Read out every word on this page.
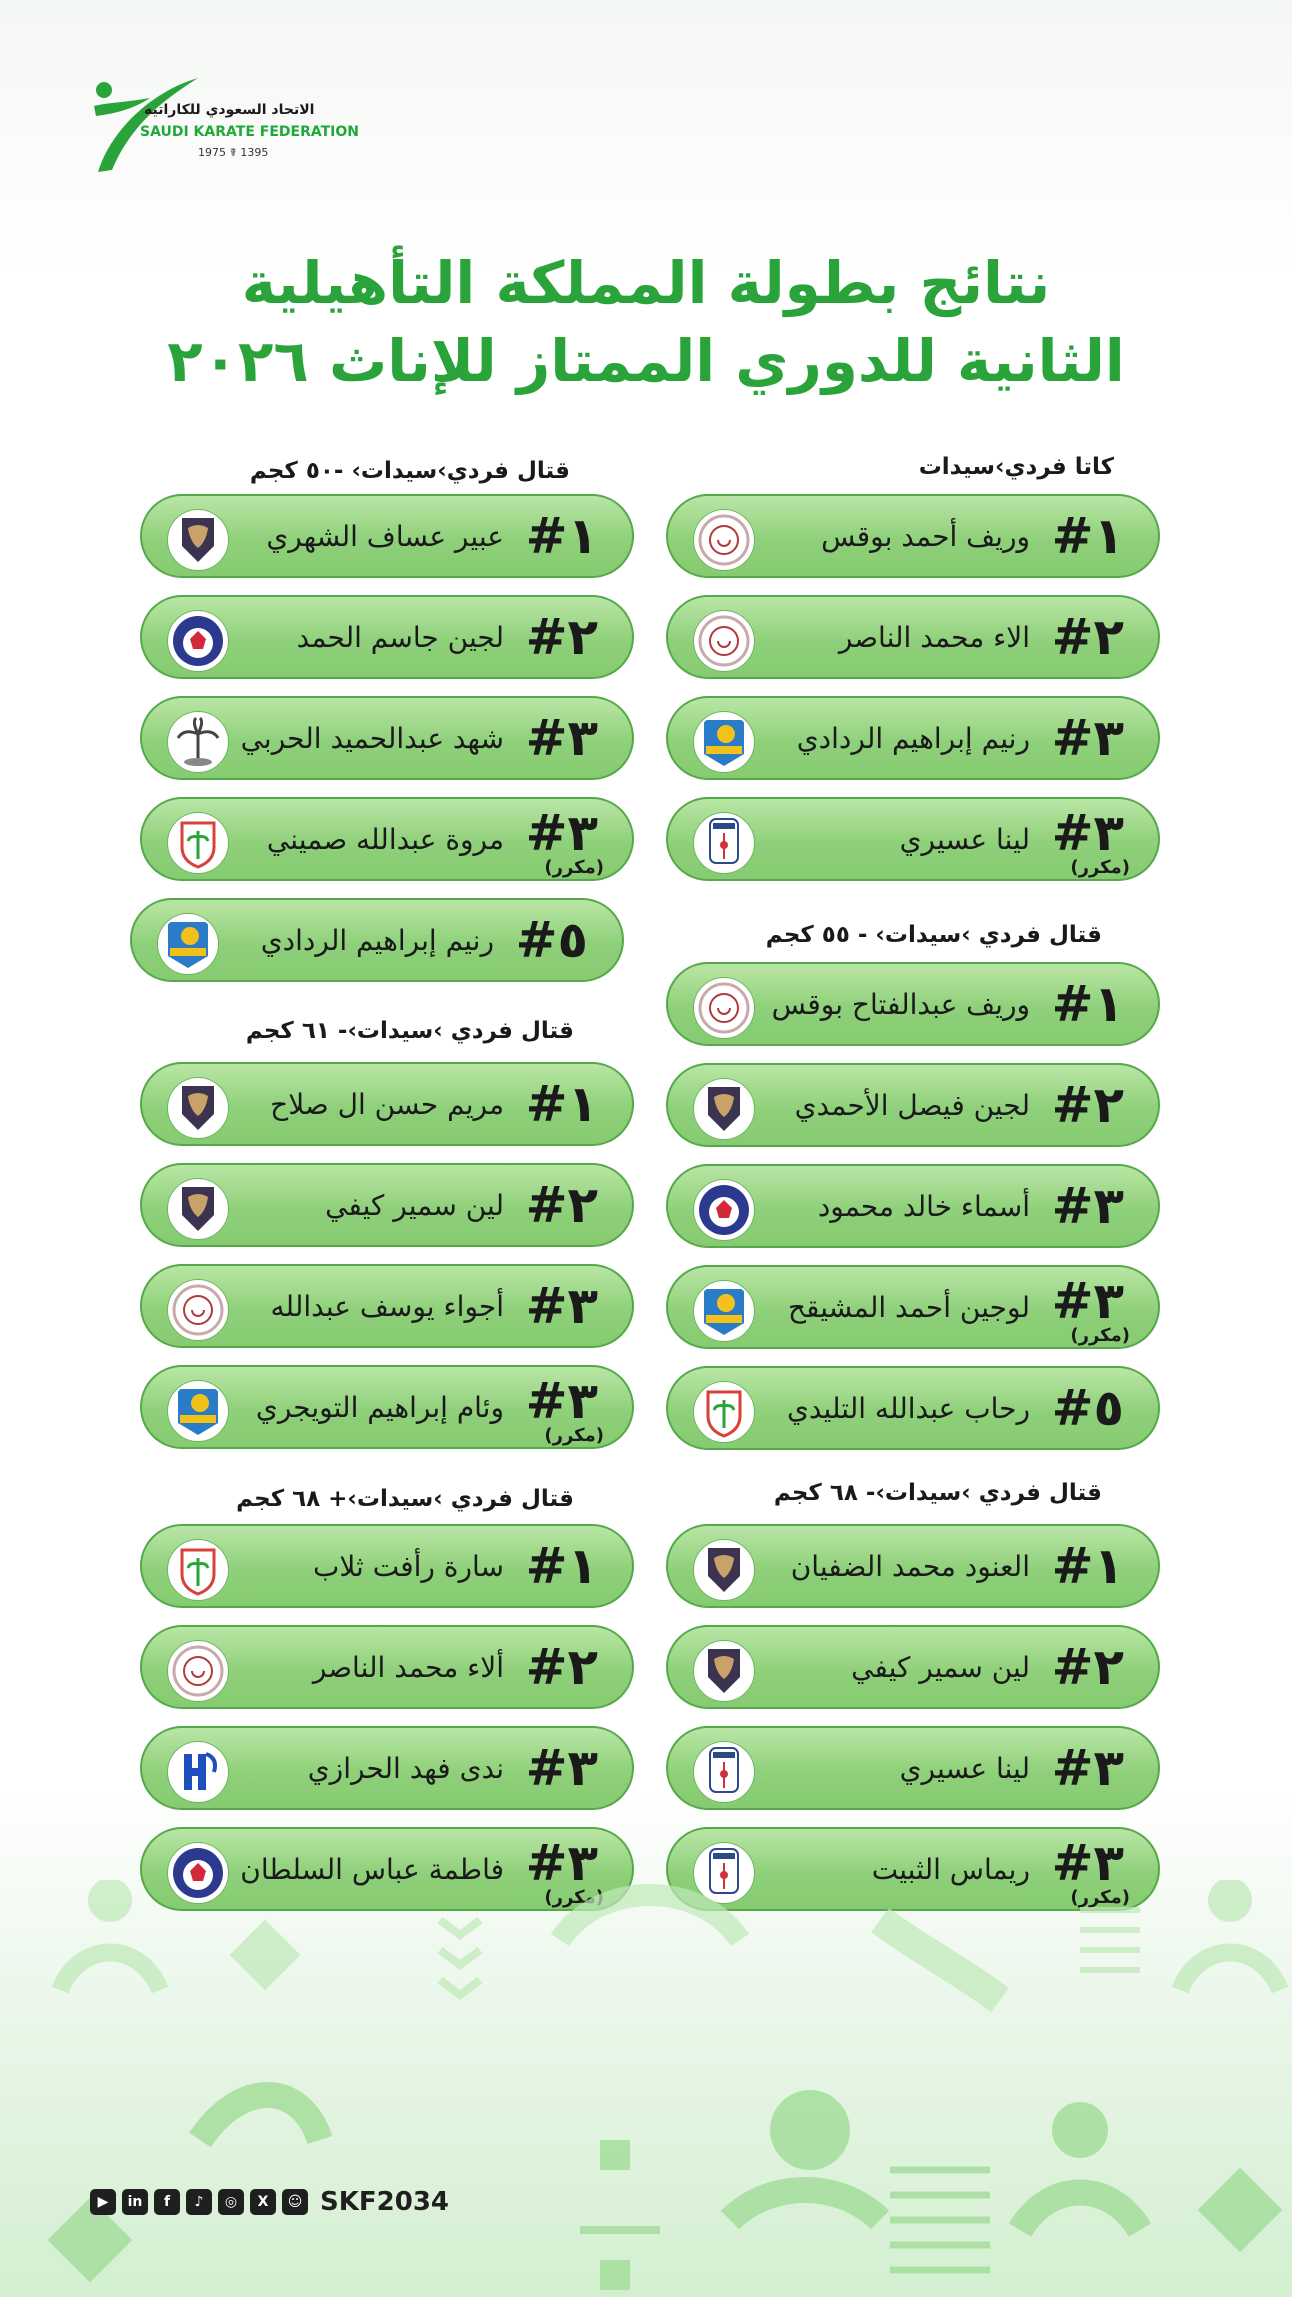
الاتحاد السعودي للكاراتيه
SAUDI KARATE FEDERATION
1975 ☤ 1395
نتائج بطولة المملكة التأهيلية
الثانية للدوري الممتاز للإناث ٢٠٢٦
كاتا فردي›سيدات
#١
وريف أحمد بوقس
#٢
الاء محمد الناصر
#٣
رنيم إبراهيم الردادي
#٣
لينا عسيري
(مكرر)
قتال فردي ›سيدات› - ٥٥ كجم
#١
وريف عبدالفتاح بوقس
#٢
لجين فيصل الأحمدي
#٣
أسماء خالد محمود
#٣
لوجين أحمد المشيقح
(مكرر)
#٥
رحاب عبدالله التليدي
قتال فردي ›سيدات›- ٦٨ كجم
#١
العنود محمد الضفيان
#٢
لين سمير كيفي
#٣
لينا عسيري
#٣
ريماس الثبيت
(مكرر)
قتال فردي›سيدات› -٥٠ كجم
#١
عبير عساف الشهري
#٢
لجين جاسم الحمد
#٣
شهد عبدالحميد الحربي
#٣
مروة عبدالله صميني
(مكرر)
#٥
رنيم إبراهيم الردادي
قتال فردي ›سيدات›- ٦١ كجم
#١
مريم حسن ال صلاح
#٢
لين سمير كيفي
#٣
أجواء يوسف عبدالله
#٣
وئام إبراهيم التويجري
(مكرر)
قتال فردي ›سيدات›+ ٦٨ كجم
#١
سارة رأفت ثلاب
#٢
ألاء محمد الناصر
#٣
ندى فهد الحرازي
#٣
فاطمة عباس السلطان
(مكرر)
▶	in	f	♪	◎	X	☺ SKF2034
